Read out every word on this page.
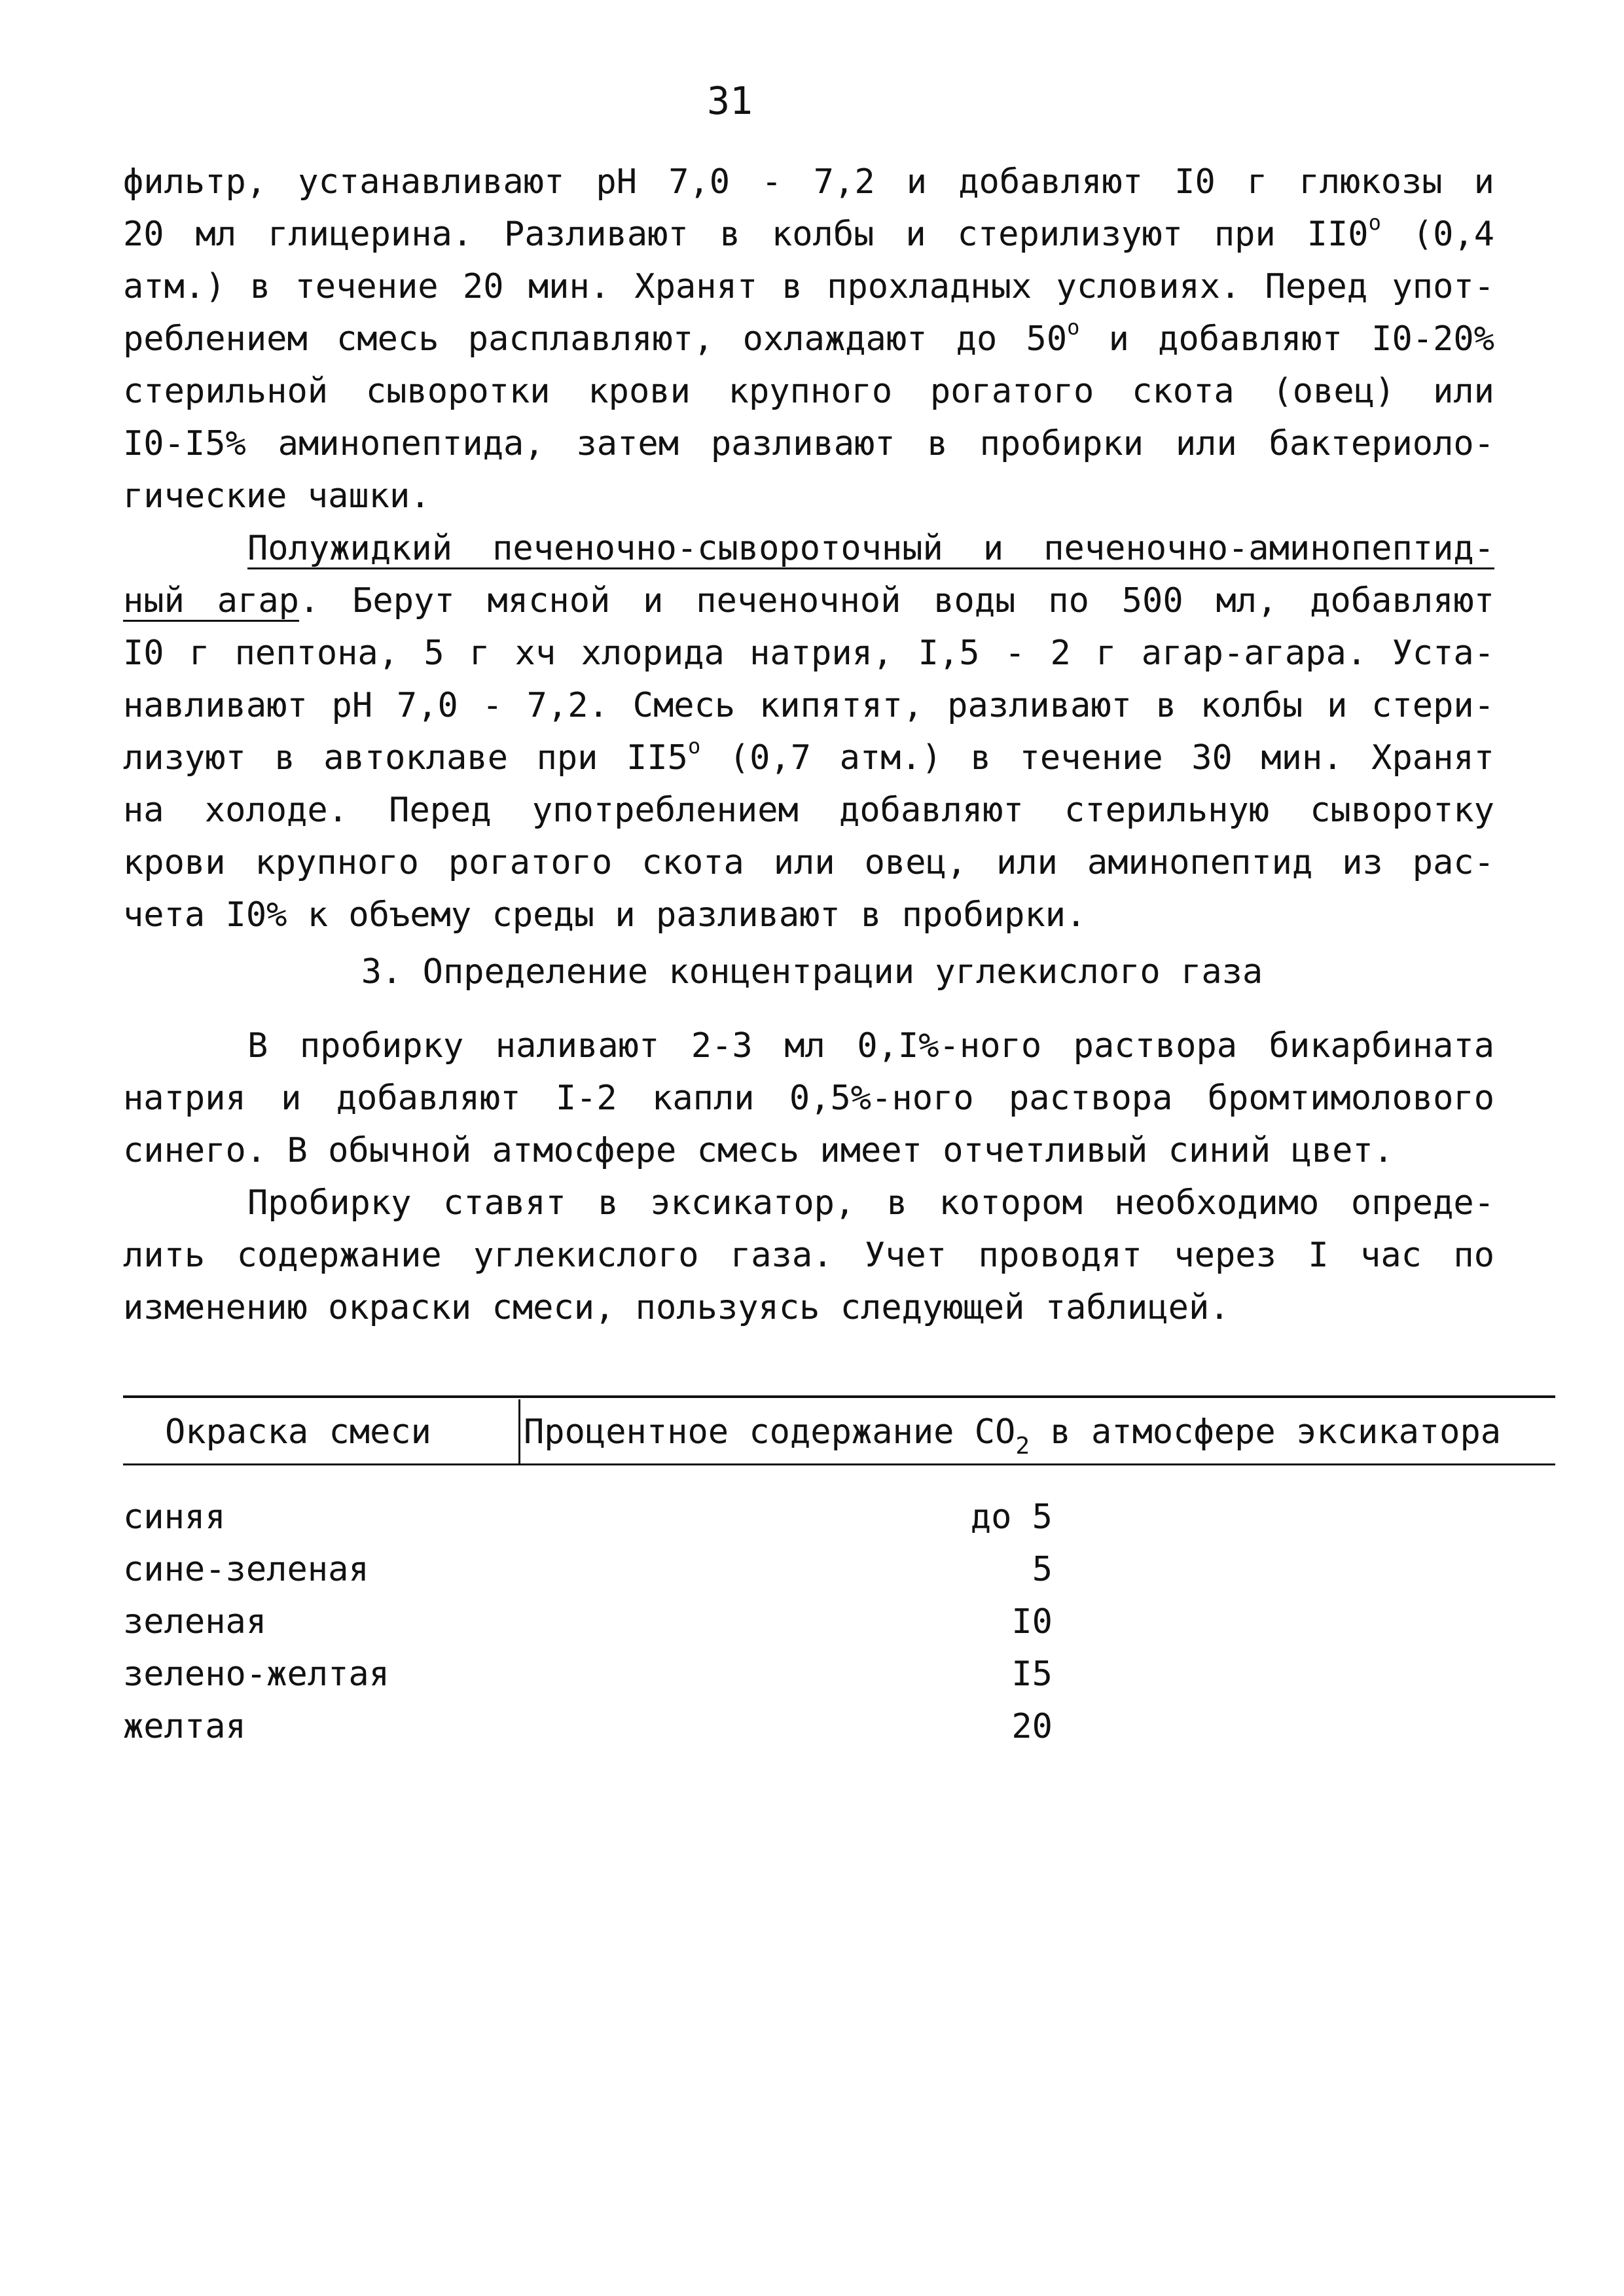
31
фильтр, устанавливают рН 7,0 - 7,2 и добавляют I0 г глюкозы и
20 мл глицерина. Разливают в колбы и стерилизуют при $II0^о$ (0,4
атм.) в течение 20 мин. Хранят в прохладных условиях. Перед упот-
реблением смесь расплавляют, охлаждают до $50^о$ и добавляют I0-20%
стерильной сыворотки крови крупного рогатого скота (овец) или
I0-I5% аминопептида, затем разливают в пробирки или бактериоло-
гические чашки.
Полужидкий печеночно-сывороточный и печеночно-аминопептид-
ный агар. Берут мясной и печеночной воды по 500 мл, добавляют
I0 г пептона, 5 г хч хлорида натрия, I,5 - 2 г агар-агара. Уста-
навливают рН 7,0 - 7,2. Смесь кипятят, разливают в колбы и стери-
лизуют в автоклаве при $II5^о$ (0,7 атм.) в течение 30 мин. Хранят
на холоде. Перед употреблением добавляют стерильную сыворотку
крови крупного рогатого скота или овец, или аминопептид из рас-
чета I0% к объему среды и разливают в пробирки.
3. Определение концентрации углекислого газа
В пробирку наливают 2-3 мл 0,I%-ного раствора бикарбината
натрия и добавляют I-2 капли 0,5%-ного раствора бромтимолового
синего. В обычной атмосфере смесь имеет отчетливый синий цвет.
Пробирку ставят в эксикатор, в котором необходимо опреде-
лить содержание углекислого газа. Учет проводят через I час по
изменению окраски смеси, пользуясь следующей таблицей.
Окраска смеси	Процентное содержание $CO_2$ в атмосфере эксикатора
синяя	до 5
сине-зеленая	5
зеленая	I0
зелено-желтая	I5
желтая	20
